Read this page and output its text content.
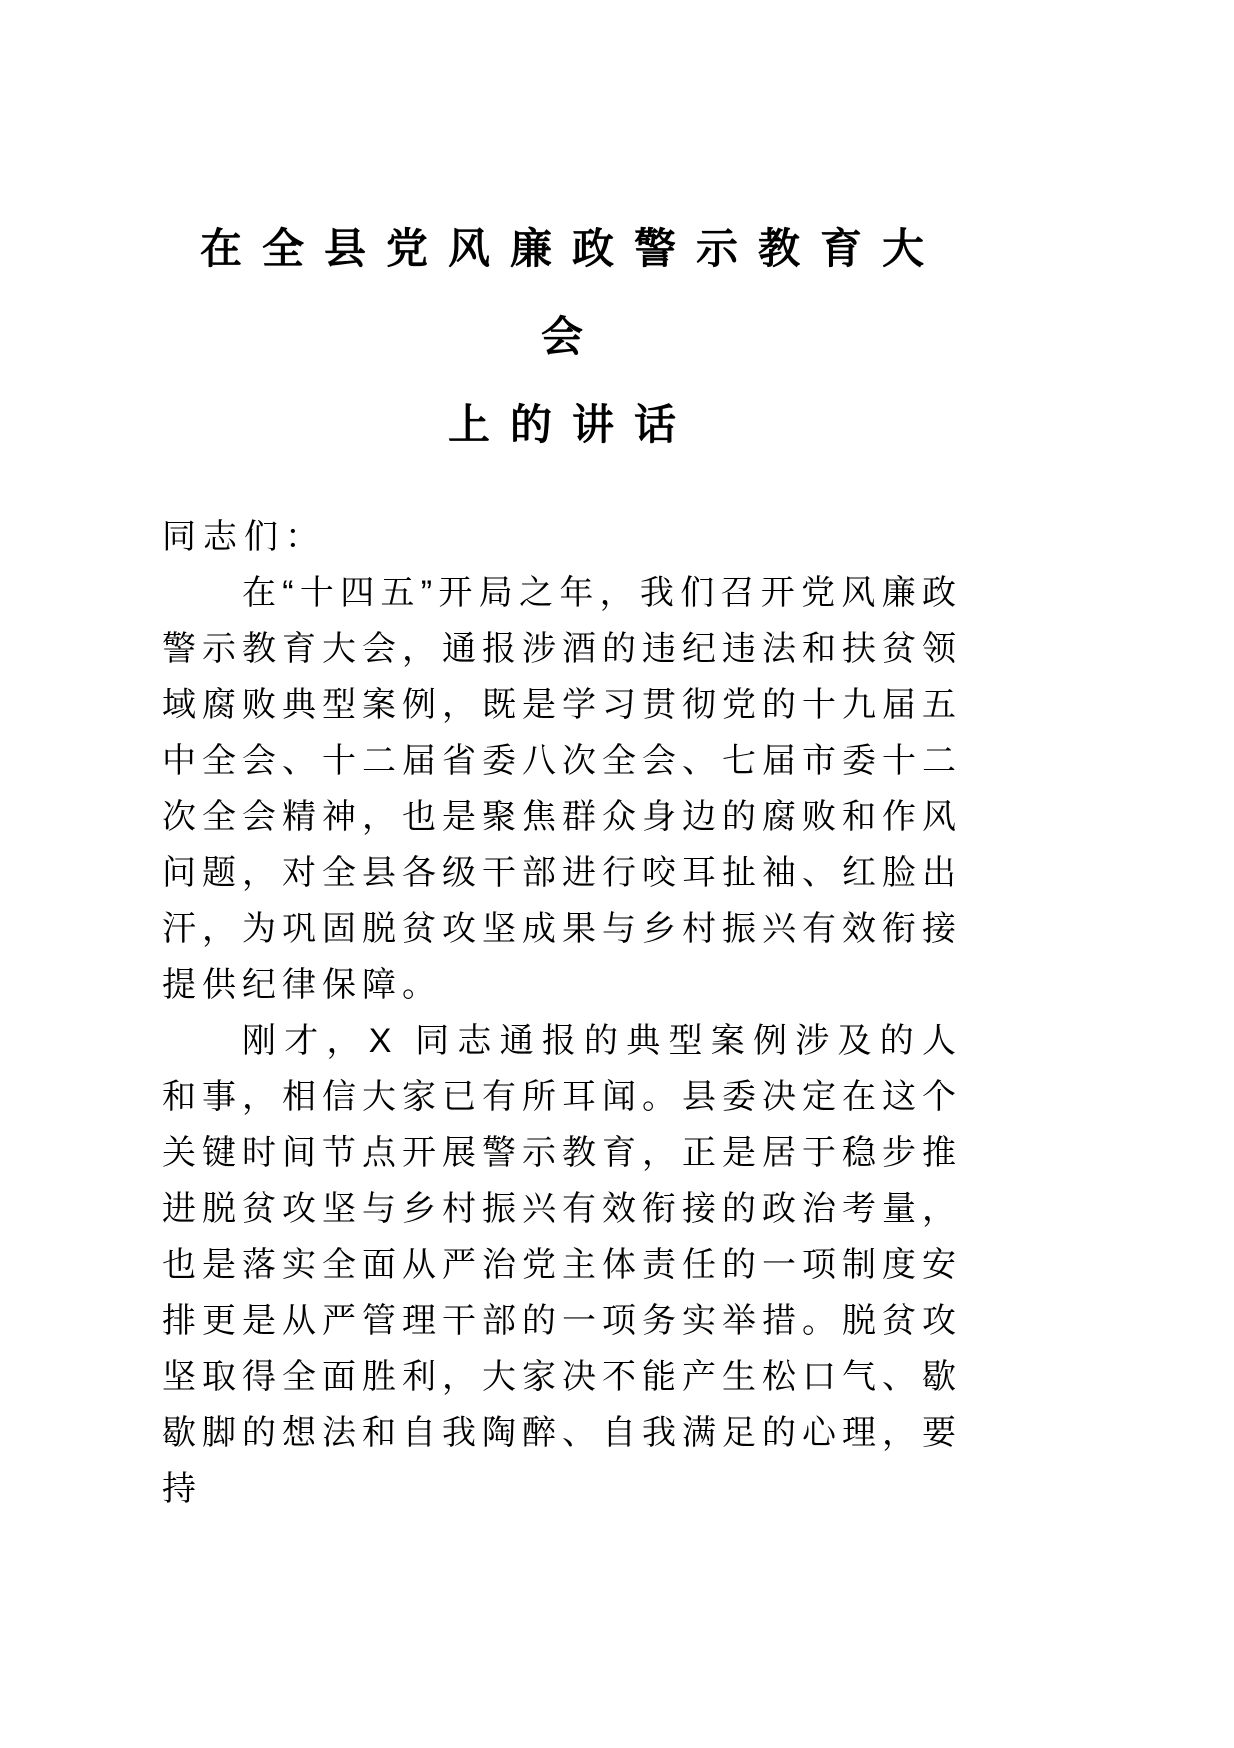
在全县党风廉政警示教育大会
上的讲话

同志们：

在“十四五”开局之年，我们召开党风廉政警示教育大会，通报涉酒的违纪违法和扶贫领域腐败典型案例，既是学习贯彻党的十九届五中全会、十二届省委八次全会、七届市委十二次全会精神，也是聚焦群众身边的腐败和作风问题，对全县各级干部进行咬耳扯袖、红脸出汗，为巩固脱贫攻坚成果与乡村振兴有效衔接提供纪律保障。

刚才，X 同志通报的典型案例涉及的人和事，相信大家已有所耳闻。县委决定在这个关键时间节点开展警示教育，正是居于稳步推进脱贫攻坚与乡村振兴有效衔接的政治考量，也是落实全面从严治党主体责任的一项制度安排更是从严管理干部的一项务实举措。脱贫攻坚取得全面胜利，大家决不能产生松口气、歇歇脚的想法和自我陶醉、自我满足的心理，要持
